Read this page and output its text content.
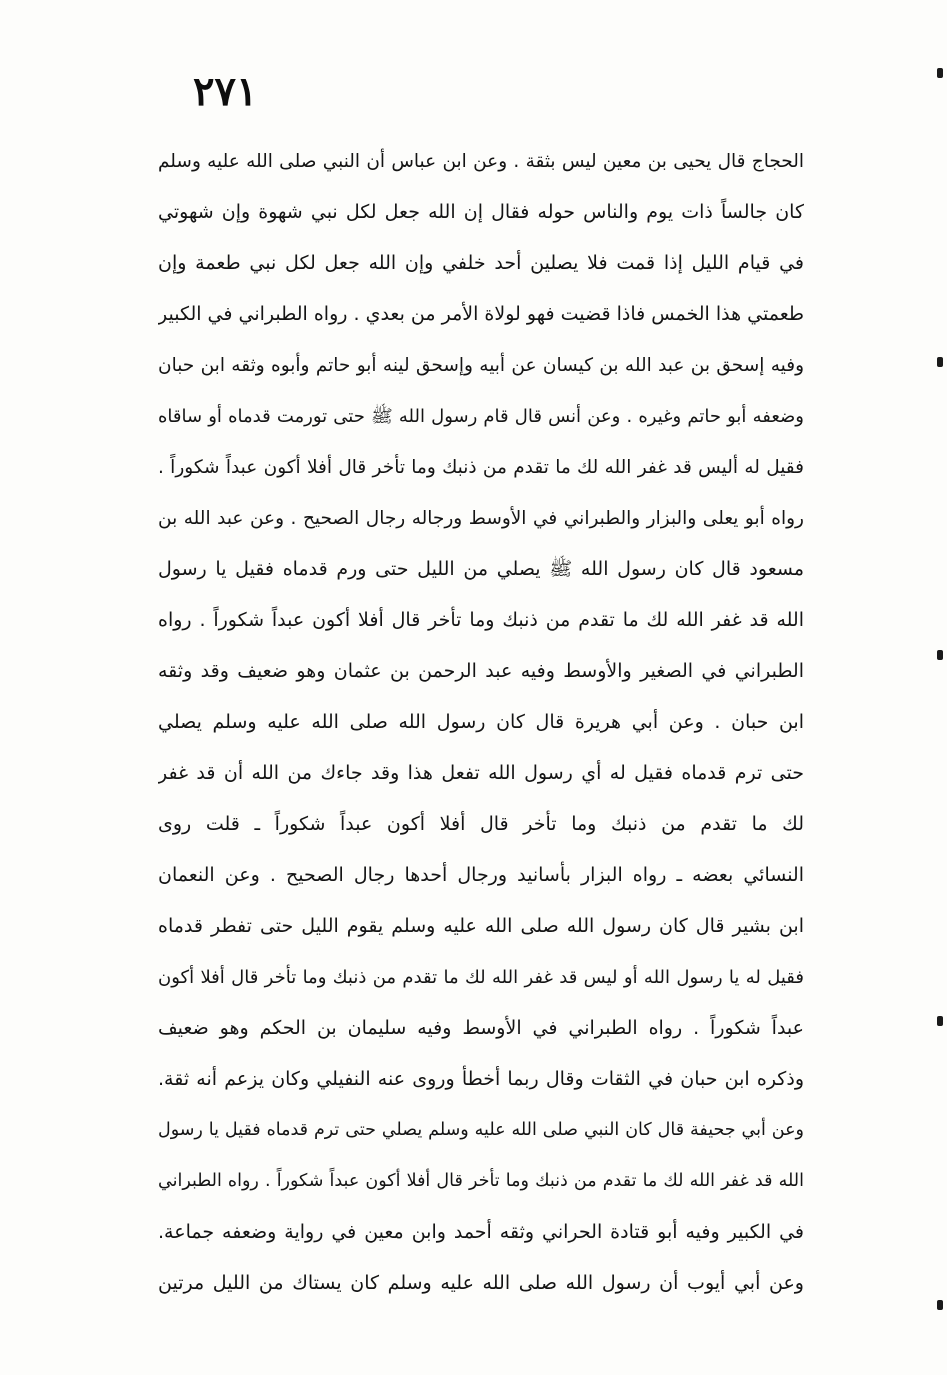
٢٧١
الحجاج قال يحيى بن معين ليس بثقة . وعن ابن عباس أن النبي صلى الله عليه وسلم
كان جالساً ذات يوم والناس حوله فقال إن الله جعل لكل نبي شهوة وإن شهوتي
في قيام الليل إذا قمت فلا يصلين أحد خلفي وإن الله جعل لكل نبي طعمة وإن
طعمتي هذا الخمس فاذا قضيت فهو لولاة الأمر من بعدي . رواه الطبراني في الكبير
وفيه إسحق بن عبد الله بن كيسان عن أبيه وإسحق لينه أبو حاتم وأبوه وثقه ابن حبان
وضعفه أبو حاتم وغيره . وعن أنس قال قام رسول الله ﷺ حتى تورمت قدماه أو ساقاه
فقيل له أليس قد غفر الله لك ما تقدم من ذنبك وما تأخر قال أفلا أكون عبداً شكوراً .
رواه أبو يعلى والبزار والطبراني في الأوسط ورجاله رجال الصحيح . وعن عبد الله بن
مسعود قال كان رسول الله ﷺ يصلي من الليل حتى ورم قدماه فقيل يا رسول
الله قد غفر الله لك ما تقدم من ذنبك وما تأخر قال أفلا أكون عبداً شكوراً . رواه
الطبراني في الصغير والأوسط وفيه عبد الرحمن بن عثمان وهو ضعيف وقد وثقه
ابن حبان . وعن أبي هريرة قال كان رسول الله صلى الله عليه وسلم يصلي
حتى ترم قدماه فقيل له أي رسول الله تفعل هذا وقد جاءك من الله أن قد غفر
لك ما تقدم من ذنبك وما تأخر قال أفلا أكون عبداً شكوراً ـ قلت روى
النسائي بعضه ـ رواه البزار بأسانيد ورجال أحدها رجال الصحيح . وعن النعمان
ابن بشير قال كان رسول الله صلى الله عليه وسلم يقوم الليل حتى تفطر قدماه
فقيل له يا رسول الله أو ليس قد غفر الله لك ما تقدم من ذنبك وما تأخر قال أفلا أكون
عبداً شكوراً . رواه الطبراني في الأوسط وفيه سليمان بن الحكم وهو ضعيف
وذكره ابن حبان في الثقات وقال ربما أخطأ وروى عنه النفيلي وكان يزعم أنه ثقة.
وعن أبي جحيفة قال كان النبي صلى الله عليه وسلم يصلي حتى ترم قدماه فقيل يا رسول
الله قد غفر الله لك ما تقدم من ذنبك وما تأخر قال أفلا أكون عبداً شكوراً . رواه الطبراني
في الكبير وفيه أبو قتادة الحراني وثقه أحمد وابن معين في رواية وضعفه جماعة.
وعن أبي أيوب أن رسول الله صلى الله عليه وسلم كان يستاك من الليل مرتين
